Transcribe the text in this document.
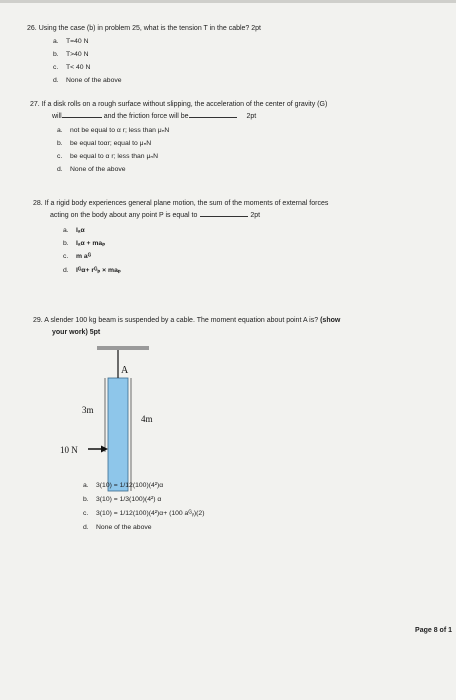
26. Using the case (b) in problem 25, what is the tension T in the cable? 2pt
a. T=40 N
b. T>40 N
c. T< 40 N
d. None of the above
27. If a disk rolls on a rough surface without slipping, the acceleration of the center of gravity (G)
will	and the friction force will be	2pt
a. not be equal to α r; less than μₙN
b. be equal toαr; equal to μₙN
c. be equal to α r; less than μₙN
d. None of the above
28. If a rigid body experiences general plane motion, the sum of the moments of external forces
acting on the body about any point P is equal to	2pt
a. Iₐα
b. Iₐα + maₚ
c. m aᴳ
d. Iᴳα+ rᴳₚ × maₚ
29. A slender 100 kg beam is suspended by a cable. The moment equation about point A is? (show
your work) 5pt
A
3m
4m
10 N
a. 3(10) = 1/12(100)(4²)α
b. 3(10) = 1/3(100)(4²) α
c. 3(10) = 1/12(100)(4²)α+ (100 aᴳᵧ)(2)
d. None of the above
Page 8 of 1
